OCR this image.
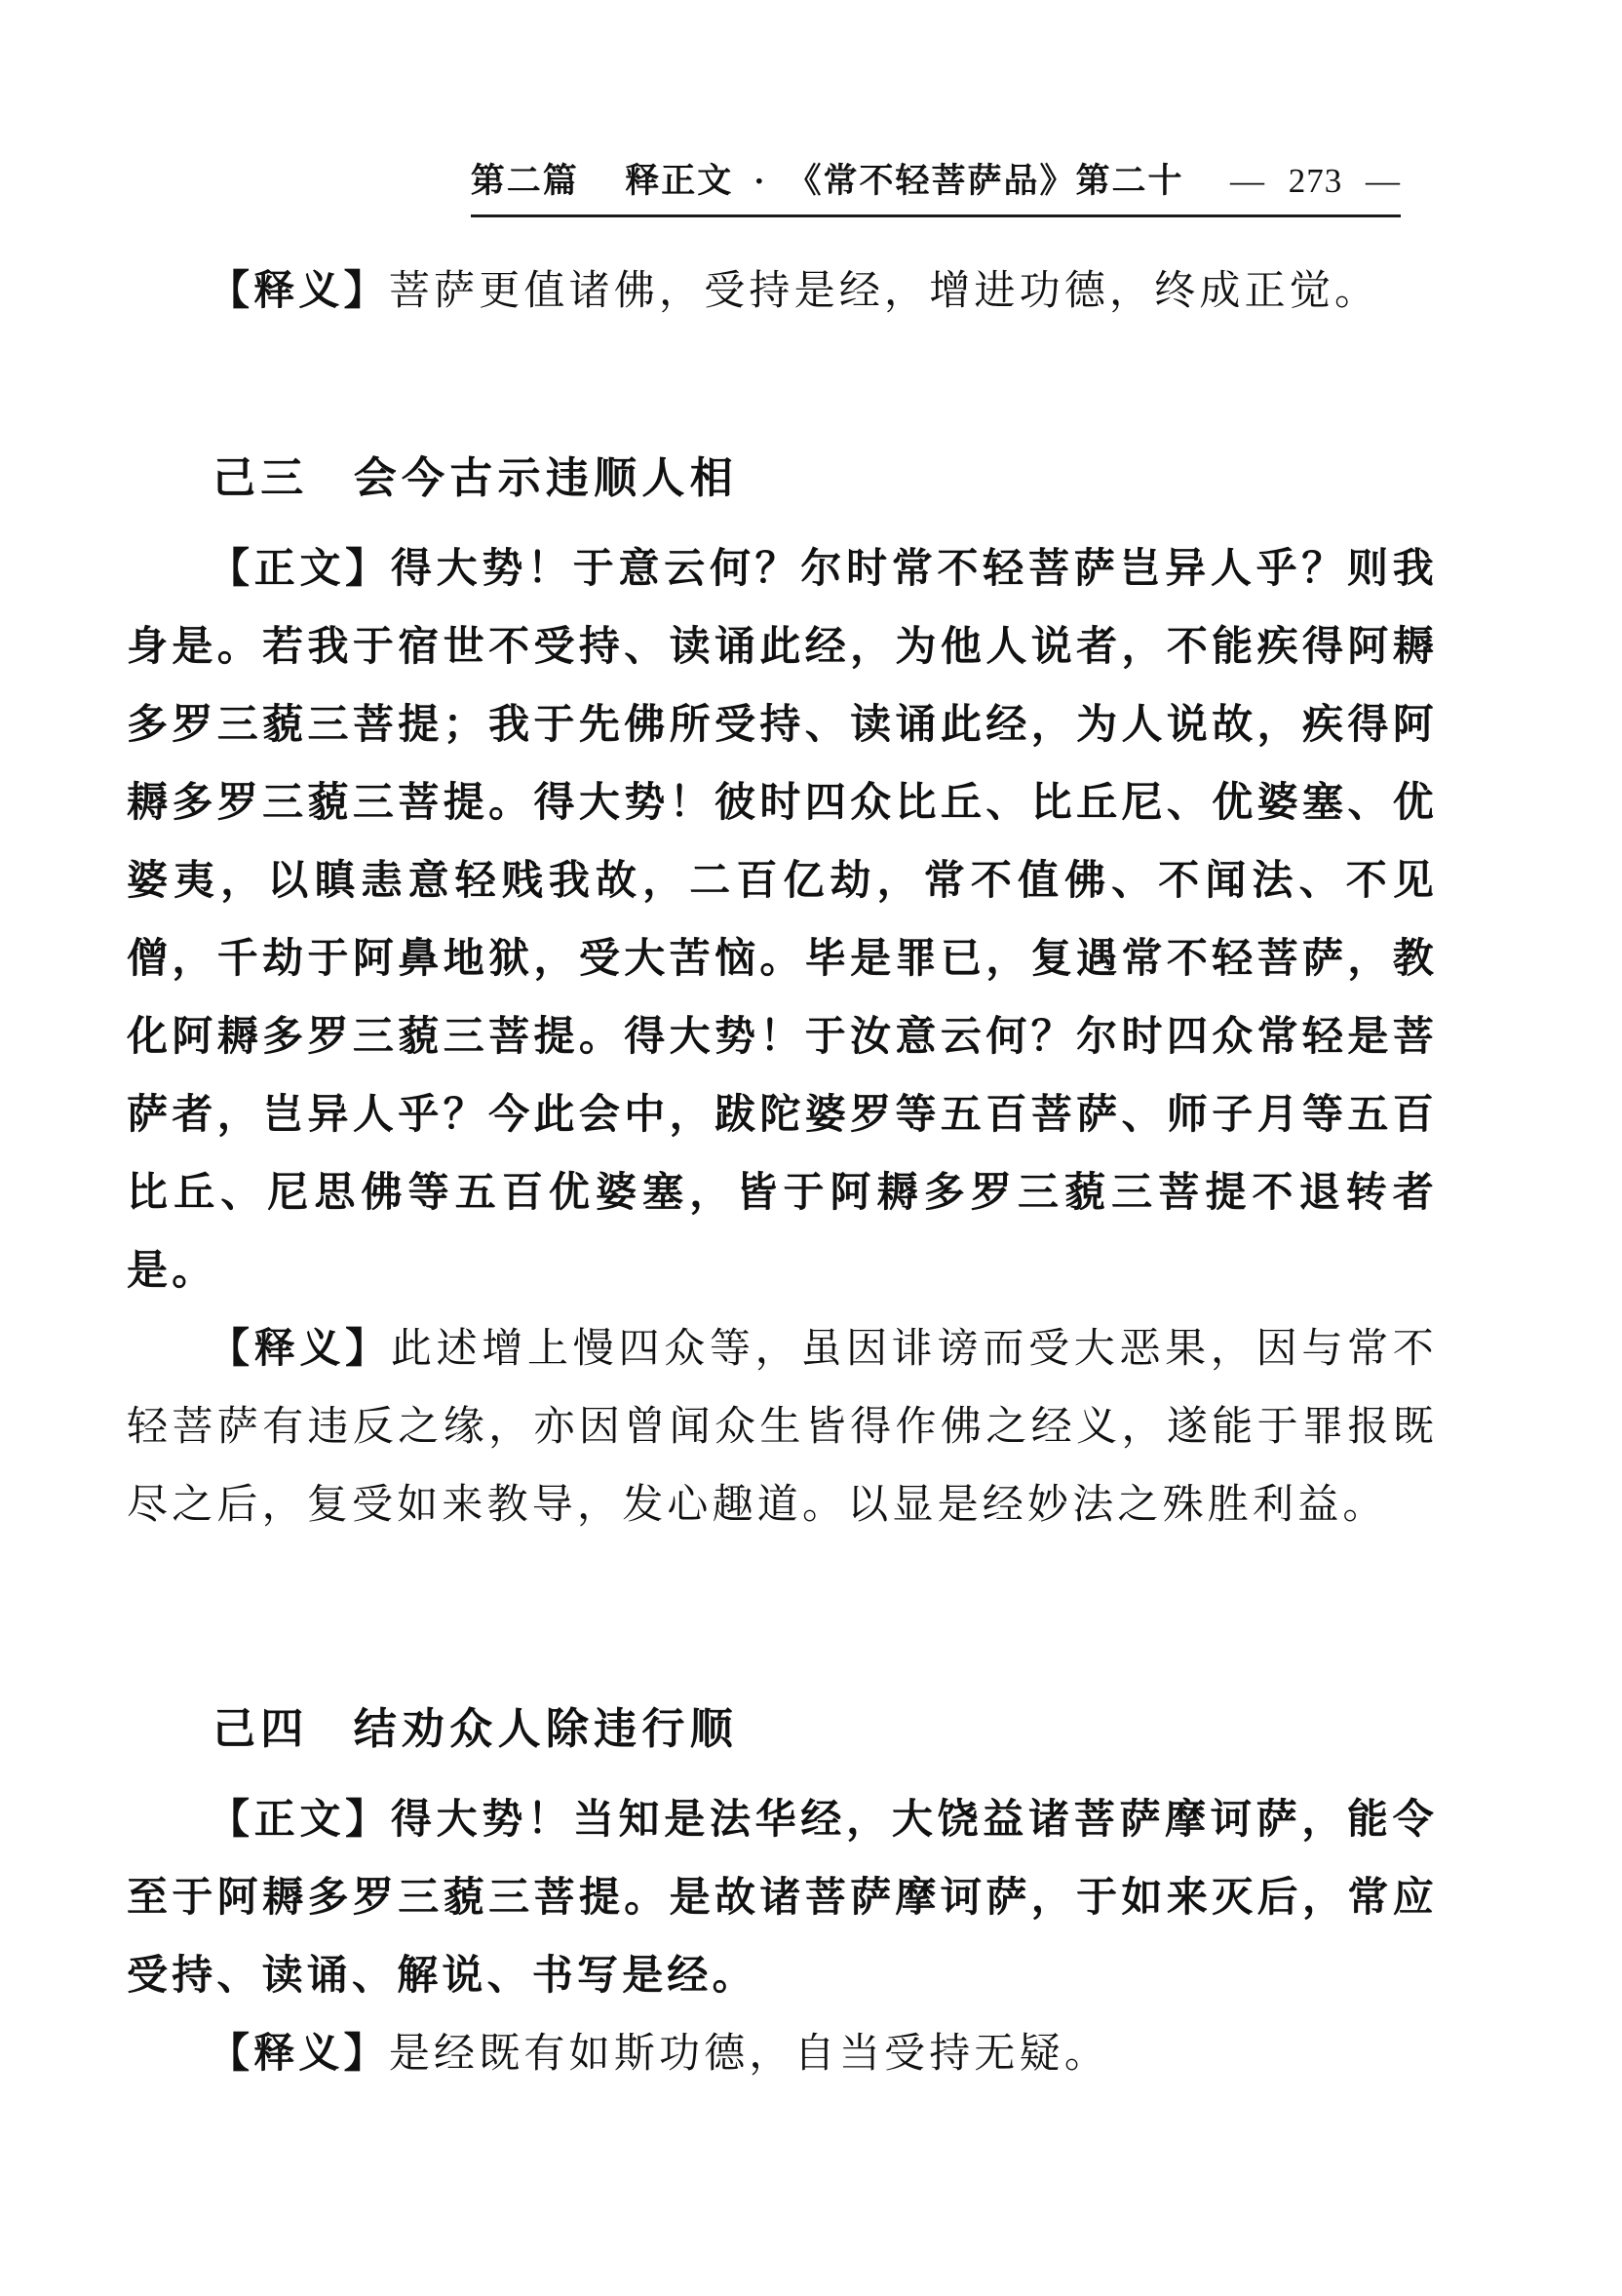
第二篇 释正文 · 《常不轻菩萨品》第二十 — 273 —

【释义】菩萨更值诸佛，受持是经，增进功德，终成正觉。

己三 会今古示违顺人相

【正文】得大势！于意云何？尔时常不轻菩萨岂异人乎？则我身是。若我于宿世不受持、读诵此经，为他人说者，不能疾得阿耨多罗三藐三菩提；我于先佛所受持、读诵此经，为人说故，疾得阿耨多罗三藐三菩提。得大势！彼时四众比丘、比丘尼、优婆塞、优婆夷，以瞋恚意轻贱我故，二百亿劫，常不值佛、不闻法、不见僧，千劫于阿鼻地狱，受大苦恼。毕是罪已，复遇常不轻菩萨，教化阿耨多罗三藐三菩提。得大势！于汝意云何？尔时四众常轻是菩萨者，岂异人乎？今此会中，跋陀婆罗等五百菩萨、师子月等五百比丘、尼思佛等五百优婆塞，皆于阿耨多罗三藐三菩提不退转者是。

【释义】此述增上慢四众等，虽因诽谤而受大恶果，因与常不轻菩萨有违反之缘，亦因曾闻众生皆得作佛之经义，遂能于罪报既尽之后，复受如来教导，发心趣道。以显是经妙法之殊胜利益。

己四 结劝众人除违行顺

【正文】得大势！当知是法华经，大饶益诸菩萨摩诃萨，能令至于阿耨多罗三藐三菩提。是故诸菩萨摩诃萨，于如来灭后，常应受持、读诵、解说、书写是经。

【释义】是经既有如斯功德，自当受持无疑。
